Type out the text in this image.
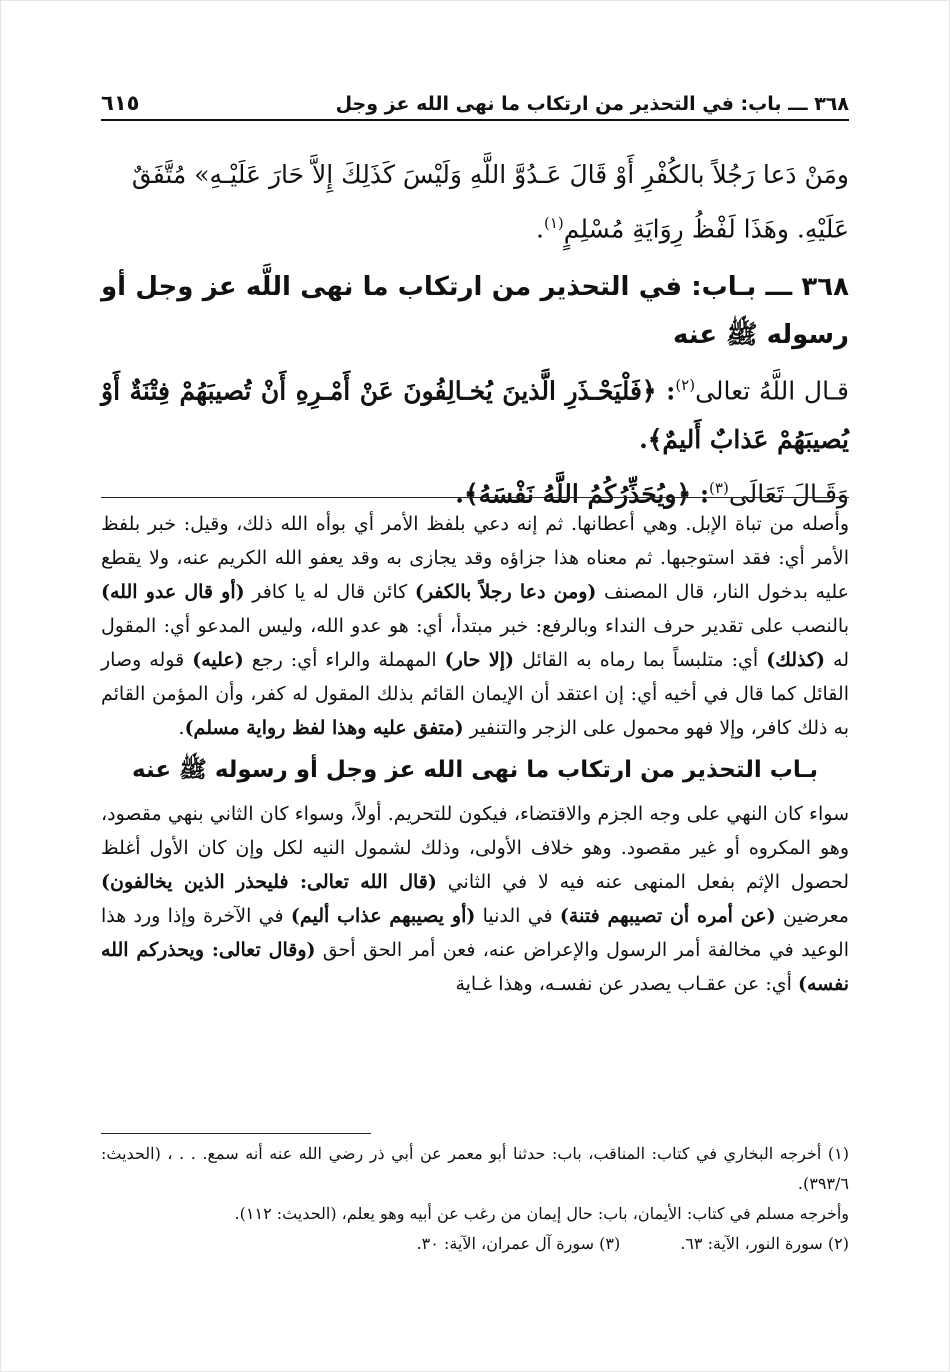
٣٦٨ ـــ باب: في التحذير من ارتكاب ما نهى الله عز وجل
٦١٥
ومَنْ دَعا رَجُلاً بالكُفْرِ أَوْ قَالَ عَـدُوَّ اللَّهِ وَلَيْسَ كَذَلِكَ إِلاَّ حَارَ عَلَيْـهِ» مُتَّفَقٌ
عَلَيْهِ. وهَذَا لَفْظُ رِوَايَةِ مُسْلِمٍ$^{(١)}$.
٣٦٨ ـــ بـاب: في التحذير من ارتكاب ما نهى اللَّه عز وجل أو رسوله ﷺ عنه
قـال اللَّهُ تعالى$^{(٢)}$: ﴿فَلْيَحْـذَرِ الَّذينَ يُخـالِفُونَ عَنْ أَمْـرِهِ أَنْ تُصيبَهُمْ فِتْنَةٌ أَوْ يُصيبَهُمْ عَذابٌ أَليمٌ﴾.
وَقَـالَ تَعَالَى$^{(٣)}$: ﴿ويُحَذِّرُكُمُ اللَّهُ نَفْسَهُ﴾.

وأصله من تباة الإبل. وهي أعطانها. ثم إنه دعي بلفظ الأمر أي بوأه الله ذلك، وقيل: خبر بلفظ الأمر أي: فقد استوجبها. ثم معناه هذا جزاؤه وقد يجازى به وقد يعفو الله الكريم عنه، ولا يقطع عليه بدخول النار، قال المصنف (ومن دعا رجلاً بالكفر) كائن قال له يا كافر (أو قال عدو الله) بالنصب على تقدير حرف النداء وبالرفع: خبر مبتدأ، أي: هو عدو الله، وليس المدعو أي: المقول له (كذلك) أي: متلبساً بما رماه به القائل (إلا حار) المهملة والراء أي: رجع (عليه) قوله وصار القائل كما قال في أخيه أي: إن اعتقد أن الإيمان القائم بذلك المقول له كفر، وأن المؤمن القائم به ذلك كافر، وإلا فهو محمول على الزجر والتنفير (متفق عليه وهذا لفظ رواية مسلم).

بـاب التحذير من ارتكاب ما نهى الله عز وجل أو رسوله ﷺ عنه

سواء كان النهي على وجه الجزم والاقتضاء، فيكون للتحريم. أولاً، وسواء كان الثاني بنهي مقصود، وهو المكروه أو غير مقصود. وهو خلاف الأولى، وذلك لشمول النيه لكل وإن كان الأول أغلظ لحصول الإثم بفعل المنهى عنه فيه لا في الثاني (قال الله تعالى: فليحذر الذين يخالفون) معرضين (عن أمره أن تصيبهم فتنة) في الدنيا (أو يصيبهم عذاب أليم) في الآخرة وإذا ورد هذا الوعيد في مخالفة أمر الرسول والإعراض عنه، فعن أمر الحق أحق (وقال تعالى: ويحذركم الله نفسه) أي: عن عقـاب يصدر عن نفسـه، وهذا غـاية

(١) أخرجه البخاري في كتاب: المناقب، باب: حدثنا أبو معمر عن أبي ذر رضي الله عنه أنه سمع. . . ، (الحديث: ٣٩٣/٦).

وأخرجه مسلم في كتاب: الأيمان، باب: حال إيمان من رغب عن أبيه وهو يعلم، (الحديث: ١١٢).

(٢) سورة النور، الآية: ٦٣.
(٣) سورة آل عمران، الآية: ٣٠.
